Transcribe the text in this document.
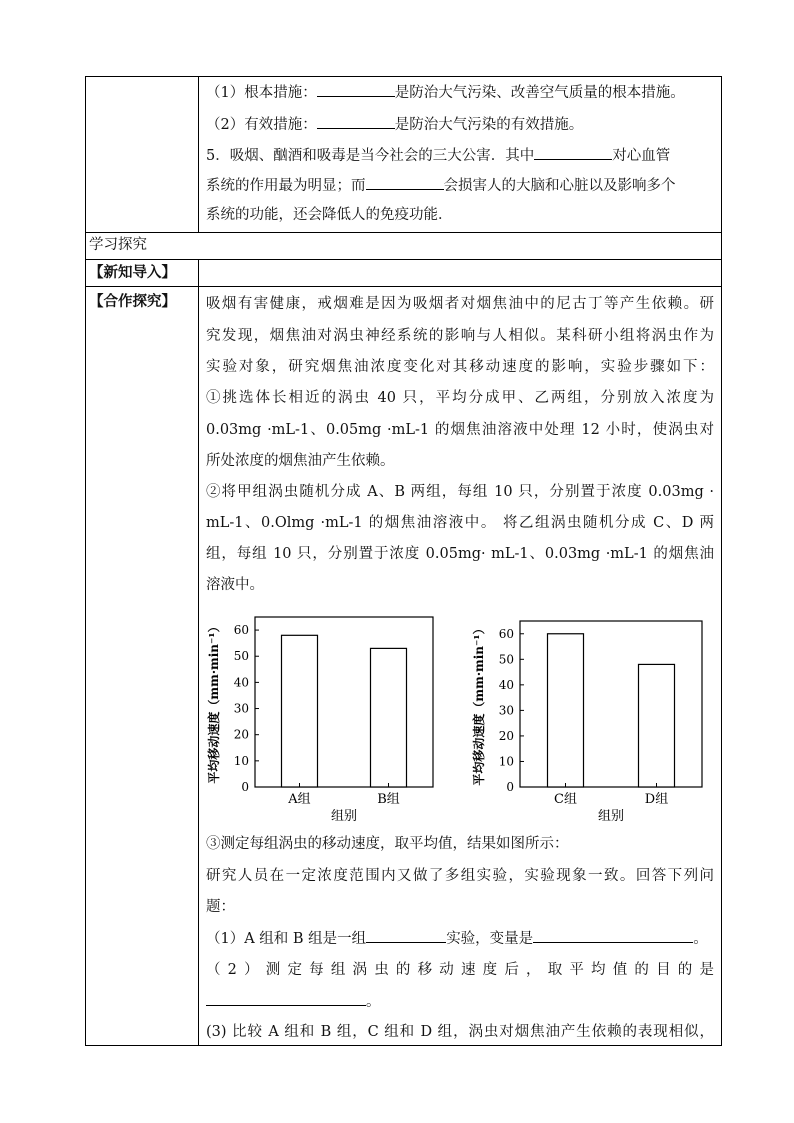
（1）根本措施：	是防治大气污染、改善空气质量的根本措施。
（2）有效措施：	是防治大气污染的有效措施。
5．吸烟、酗酒和吸毒是当今社会的三大公害．其中	对心血管
系统的作用最为明显；而	会损害人的大脑和心脏以及影响多个
系统的功能，还会降低人的免疫功能．
学习探究
【新知导入】
【合作探究】 吸烟有害健康，戒烟难是因为吸烟者对烟焦油中的尼古丁等产生依赖。研
究发现，烟焦油对涡虫神经系统的影响与人相似。某科研小组将涡虫作为
实验对象，研究烟焦油浓度变化对其移动速度的影响，实验步骤如下：
①挑选体长相近的涡虫 40 只，平均分成甲、乙两组，分别放入浓度为
0.03mg ·mL-1、0.05mg ·mL-1 的烟焦油溶液中处理 12 小时，使涡虫对
所处浓度的烟焦油产生依赖。
②将甲组涡虫随机分成 A、B 两组，每组 10 只，分别置于浓度 0.03mg ·
mL-1、0.Olmg ·mL-1 的烟焦油溶液中。 将乙组涡虫随机分成 C、D 两
组，每组 10 只，分别置于浓度 0.05mg· mL-1、0.03mg ·mL-1 的烟焦油
溶液中。
0
10
20
30
40
50
60
A组	B组
组别
平均移动速度（mm·min⁻¹）
0
10
20
30
40
50
60
C组	D组
组别
平均移动速度（mm·min⁻¹）
③测定每组涡虫的移动速度，取平均值，结果如图所示：
研究人员在一定浓度范围内又做了多组实验，实验现象一致。回答下列问
题：
（1）A 组和 B 组是一组	实验，变量是	。
（2）测定每组涡虫的移动速度后，取平均值的目的是
。
(3) 比较 A 组和 B 组，C 组和 D 组，涡虫对烟焦油产生依赖的表现相似，
